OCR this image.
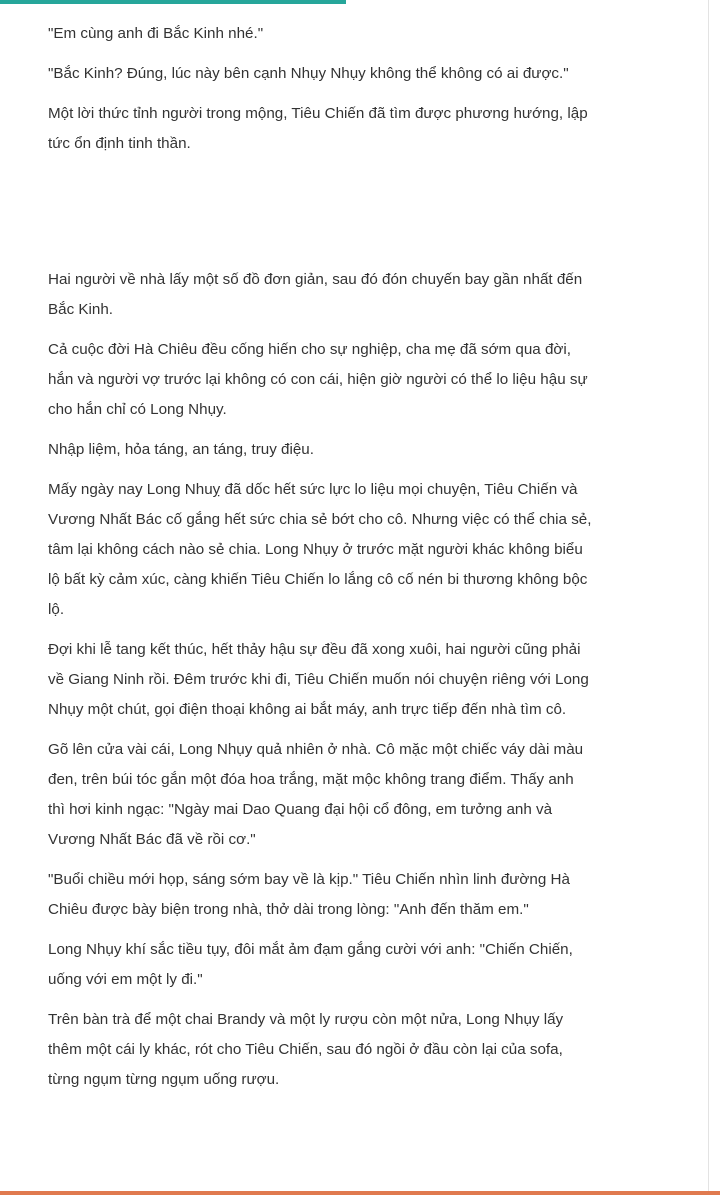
"Em cùng anh đi Bắc Kinh nhé."

"Bắc Kinh? Đúng, lúc này bên cạnh Nhụy Nhụy không thể không có ai được."

Một lời thức tỉnh người trong mộng, Tiêu Chiến đã tìm được phương hướng, lập tức ổn định tinh thần.

Hai người về nhà lấy một số đồ đơn giản, sau đó đón chuyến bay gần nhất đến Bắc Kinh.

Cả cuộc đời Hà Chiêu đều cống hiến cho sự nghiệp, cha mẹ đã sớm qua đời, hắn và người vợ trước lại không có con cái, hiện giờ người có thể lo liệu hậu sự cho hắn chỉ có Long Nhụy.

Nhập liệm, hỏa táng, an táng, truy điệu.

Mấy ngày nay Long Nhuỵ đã dốc hết sức lực lo liệu mọi chuyện, Tiêu Chiến và Vương Nhất Bác cố gắng hết sức chia sẻ bớt cho cô. Nhưng việc có thể chia sẻ, tâm lại không cách nào sẻ chia. Long Nhụy ở trước mặt người khác không biểu lộ bất kỳ cảm xúc, càng khiến Tiêu Chiến lo lắng cô cố nén bi thương không bộc lộ.

Đợi khi lễ tang kết thúc, hết thảy hậu sự đều đã xong xuôi, hai người cũng phải về Giang Ninh rồi. Đêm trước khi đi, Tiêu Chiến muốn nói chuyện riêng với Long Nhụy một chút, gọi điện thoại không ai bắt máy, anh trực tiếp đến nhà tìm cô.

Gõ lên cửa vài cái, Long Nhụy quả nhiên ở nhà. Cô mặc một chiếc váy dài màu đen, trên búi tóc gắn một đóa hoa trắng, mặt mộc không trang điểm. Thấy anh thì hơi kinh ngạc: "Ngày mai Dao Quang đại hội cổ đông, em tưởng anh và Vương Nhất Bác đã về rồi cơ."

"Buổi chiều mới họp, sáng sớm bay về là kịp." Tiêu Chiến nhìn linh đường Hà Chiêu được bày biện trong nhà, thở dài trong lòng: "Anh đến thăm em."

Long Nhụy khí sắc tiều tụy, đôi mắt ảm đạm gắng cười với anh: "Chiến Chiến, uống với em một ly đi."

Trên bàn trà để một chai Brandy và một ly rượu còn một nửa, Long Nhụy lấy thêm một cái ly khác, rót cho Tiêu Chiến, sau đó ngồi ở đầu còn lại của sofa, từng ngụm từng ngụm uống rượu.
